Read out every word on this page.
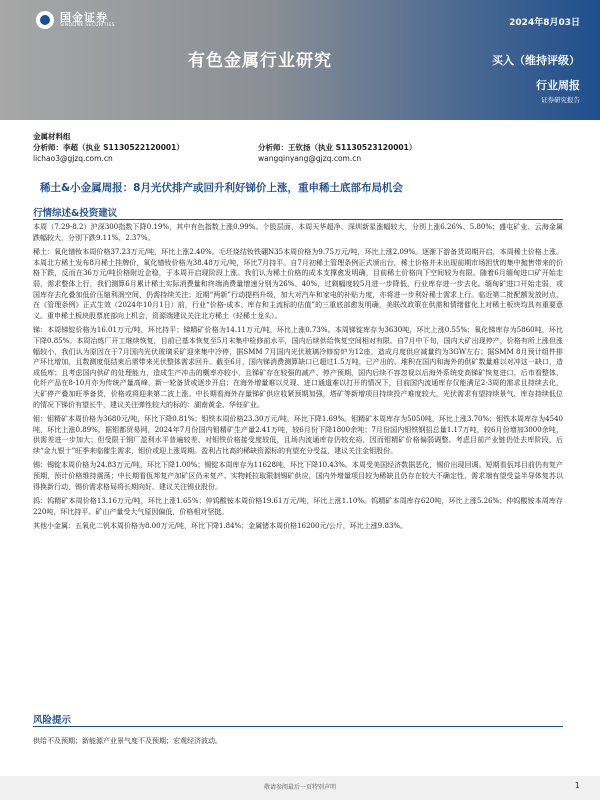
国金证券
SINOLINK SECURITIES	2024年8月03日
有色金属行业研究	买入（维持评级）
行业周报
证券研究报告
金属材料组
分析师：李超（执业 S1130522120001）
lichao3@gjzq.com.cn
分析师：王钦扬（执业 S1130523120001）
wangqinyang@gjzq.com.cn
稀土&小金属周报：8月光伏排产或回升利好锑价上涨，重申稀土底部布局机会
行情综述&投资建议

本周（7.29-8.2）沪深300指数下降0.19%，其中有色指数上涨0.99%。个股层面，本周天华超净、深圳新星涨幅较大，分别上涨6.26%、5.80%；盛屯矿业、云海金属跌幅较大，分别下跌9.11%、2.37%。

稀土：氧化镨钕本周价格37.23万元/吨，环比上涨2.40%。毛坯烧结钕铁硼N35本周价格为9.75万元/吨，环比上涨2.09%。逐渐下游备货周期开启，本周稀土价格上涨。本周北方稀土发布8月稀土挂牌价，氧化镨钕价格为38.48万元/吨，环比7月持平。自7月初稀土管理条例正式颁出台，稀土价格并未出现前期市场担忧的集中抛售带来的价格下跌，反而在36万元/吨价格附近企稳，于本周开启现阶段上涨。我们认为稀土价格的成本支撑愈发明确，目前稀土价格向下空间较为有限。随着6月缅甸进口矿开始走弱，需求整体上行，我们测算6月累计稀土实际消费量和终端消费量增速分别为26%、40%，过剩幅度较5月进一步降低，行业库存进一步去化。缅甸矿进口开始走弱，或国库存去化叠加低价压缩利润空间，仍需持续关注；近期“两新”行动提档升级，加大对汽车和家电的补贴力度，亦将进一步利好稀土需求上行。临近第二批配额发放时点，在《管理条例》正式生效（2024年10月1日）前，行业“价格-成本、库存和主流标的估值”的三重底部愈发明确，美联改政策在供需和情绪催化上对稀土板块均具有重要意义。重申稀土板块股票底部向上机会，资源端建议关注北方稀土（轻稀土龙头）。

锑：本周锑锭价格为16.01万元/吨，环比持平；锑精矿价格为14.11万元/吨，环比上涨0.73%。本周锑锭库存为3630吨，环比上涨0.55%；氧化锑库存为5860吨，环比下降0.85%。本周冶炼厂开工继续恢复，目前已基本恢复至5月末集中检修前水平，国内后续供给恢复空间相对有限。自7月中下旬，国内大矿出现停产，价格有所上涨但涨幅较小，我们认为原因在于7月国内光伏玻璃采矿迎来集中冷停，据SMM 7月国内光伏玻璃冷修窑炉为12座，造成月度供应减量约为3GW左右；据SMM 8月预计组件排产环比增加，且数测度低结束后需带来光伏整体需求回升。截至6月，国内锑消费测算缺口已超过1.5万吨，已产出的、堆积在国内和海外的供矿数量难以对冲这一缺口，造成低库；且考虑国内供矿的处理能力，造成生产冲击的概率亦较小，且锑矿存在较强的减产、停产预期，国内后续不容忽视以后海外系统变高锑矿恢复进口，后市看整体、化纤产品在8-10月亦为传统产量高峰，新一轮备货或逐步开启；在海外增量难以兑现、进口通道难以打开的情况下，目前国内流通库存仅能满足2-3周的需求且持续去化，大矿停产叠加旺季备货，价格或将迎来第二波上涨。中长期看海外存量锑矿供应收紧预期加强，塔矿等新增项目持续投产难度较大，光伏需求有望持续景气，库存持续低位的情况下锑价有望长牛，建议关注弹性较大的标的：湖南黄金、华钰矿业。

钼：钼精矿本周价格为3680元/吨，环比下降0.81%；钼铁本周价格23.30万元/吨，环比下降1.69%。钼精矿本周库存为5050吨，环比上涨3.70%；钼铁本周库存为4540吨，环比上涨0.89%。据钼都贸易网，2024年7月份国内钼精矿生产量2.41万吨，较6月份下降1800余吨；7月份国内钼铁钢招总量1.17万吨，较6月份增加3000余吨，供需差进一步加大；但受限于钢厂盈利水平普遍较差、对钼铁价格接受度较低，且场内流通库存仍较充裕，因而钼精矿价格偏弱调整。考虑目前产业链仍处去库阶段，后续“金九银十”旺季来临催生需求，钼价或迎上涨周期。盈利占比高的稀缺资源标的有望充分受益，建议关注金钼股份。

锡：锡锭本周价格为24.83万元/吨，环比下降1.00%；锡锭本周库存为11628吨，环比下降10.43%。本周受美国经济数据恶化，锡价出现回调。短期看佤邦目前仍有复产预期，预计价格维持震荡；中长期看佤邦复产加矿区仍未复产、实物耗拉取限制锡矿供应，国内外增量项目较为稀缺且仍存在较大不确定性，需求端有望受益半导体复苏以得换新行动，锡价需求格局将长期向好。建议关注锡业股份。

钨：钨精矿本周价格13.16万元/吨，环比上涨1.65%；仲钨酸铵本周价格19.61万元/吨，环比上涨1.10%。钨精矿本周库存620吨，环比上涨5.26%；仲钨酸铵本周库存220吨，环比持平。矿山产量受大气原因偏低，价格相对坚挺。

其他小金属：五氧化二钒本周价格为8.00万元/吨，环比下降1.84%；金属锗本周价格16200元/公斤，环比上涨9.83%。

风险提示

供给不及预期；新能源产业景气度不及预期；宏观经济波动。

敬请参阅最后一页特别声明	1
